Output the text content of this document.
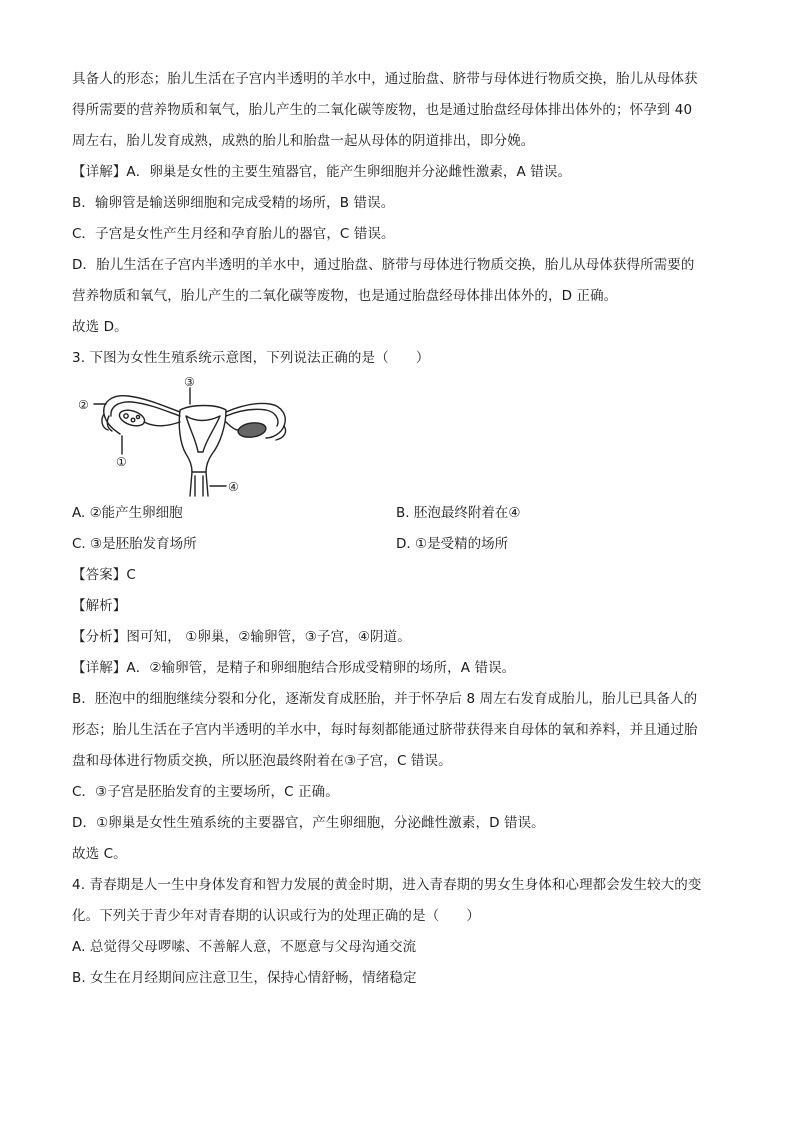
具备人的形态；胎儿生活在子宫内半透明的羊水中，通过胎盘、脐带与母体进行物质交换，胎儿从母体获
得所需要的营养物质和氧气，胎儿产生的二氧化碳等废物，也是通过胎盘经母体排出体外的；怀孕到 40
周左右，胎儿发育成熟，成熟的胎儿和胎盘一起从母体的阴道排出，即分娩。
【详解】A．卵巢是女性的主要生殖器官，能产生卵细胞并分泌雌性激素，A 错误。
B．输卵管是输送卵细胞和完成受精的场所，B 错误。
C．子宫是女性产生月经和孕育胎儿的器官，C 错误。
D．胎儿生活在子宫内半透明的羊水中，通过胎盘、脐带与母体进行物质交换，胎儿从母体获得所需要的
营养物质和氧气，胎儿产生的二氧化碳等废物，也是通过胎盘经母体排出体外的，D 正确。
故选 D。
3. 下图为女性生殖系统示意图，下列说法正确的是（　　）
③
②
①
④
A. ②能产生卵细胞	B. 胚泡最终附着在④
C. ③是胚胎发育场所	D. ①是受精的场所
【答案】C
【解析】
【分析】图可知， ①卵巢，②输卵管，③子宫，④阴道。
【详解】A．②输卵管，是精子和卵细胞结合形成受精卵的场所，A 错误。
B．胚泡中的细胞继续分裂和分化，逐渐发育成胚胎，并于怀孕后 8 周左右发育成胎儿，胎儿已具备人的
形态；胎儿生活在子宫内半透明的羊水中，每时每刻都能通过脐带获得来自母体的氧和养料，并且通过胎
盘和母体进行物质交换，所以胚泡最终附着在③子宫，C 错误。
C．③子宫是胚胎发育的主要场所，C 正确。
D．①卵巢是女性生殖系统的主要器官，产生卵细胞，分泌雌性激素，D 错误。
故选 C。
4. 青春期是人一生中身体发育和智力发展的黄金时期，进入青春期的男女生身体和心理都会发生较大的变
化。下列关于青少年对青春期的认识或行为的处理正确的是（　　）
A. 总觉得父母啰嗦、不善解人意，不愿意与父母沟通交流
B. 女生在月经期间应注意卫生，保持心情舒畅，情绪稳定
